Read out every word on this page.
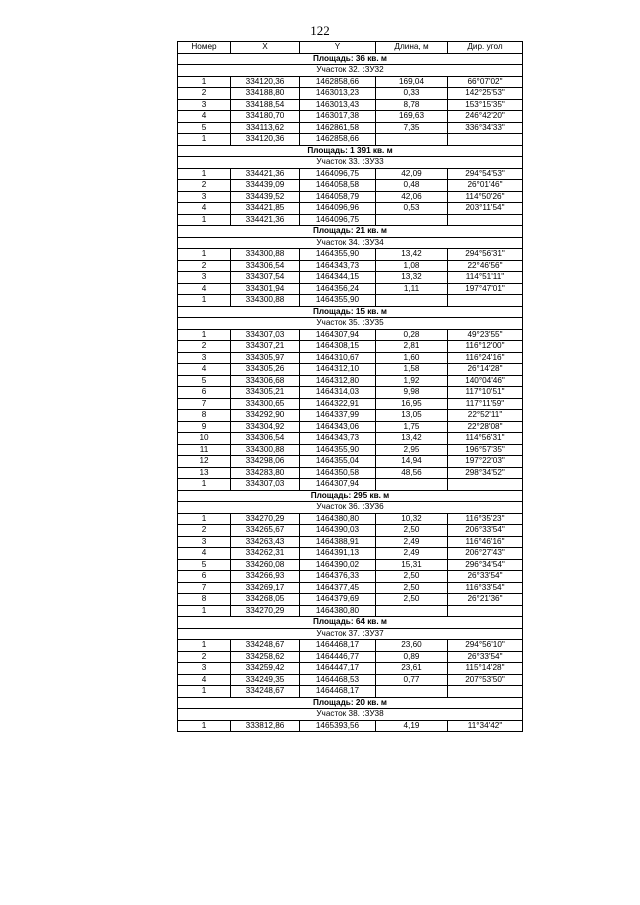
122
Номер	X	Y	Длина, м	Дир. угол
Площадь: 36 кв. м				
Участок 32. :ЗУ32				
1	334120,36	1462858,66	169,04	66°07'02"
2	334188,80	1463013,23	0,33	142°25'53"
3	334188,54	1463013,43	8,78	153°15'35"
4	334180,70	1463017,38	169,63	246°42'20"
5	334113,62	1462861,58	7,35	336°34'33"
1	334120,36	1462858,66		
Площадь: 1 391 кв. м				
Участок 33. :ЗУ33				
1	334421,36	1464096,75	42,09	294°54'53"
2	334439,09	1464058,58	0,48	26°01'46"
3	334439,52	1464058,79	42,06	114°50'26"
4	334421,85	1464096,96	0,53	203°11'54"
1	334421,36	1464096,75		
Площадь: 21 кв. м				
Участок 34. :ЗУ34				
1	334300,88	1464355,90	13,42	294°56'31"
2	334306,54	1464343,73	1,08	22°46'56"
3	334307,54	1464344,15	13,32	114°51'11"
4	334301,94	1464356,24	1,11	197°47'01"
1	334300,88	1464355,90		
Площадь: 15 кв. м				
Участок 35. :ЗУ35				
1	334307,03	1464307,94	0,28	49°23'55"
2	334307,21	1464308,15	2,81	116°12'00"
3	334305,97	1464310,67	1,60	116°24'16"
4	334305,26	1464312,10	1,58	26°14'28"
5	334306,68	1464312,80	1,92	140°04'46"
6	334305,21	1464314,03	9,98	117°10'51"
7	334300,65	1464322,91	16,95	117°11'59"
8	334292,90	1464337,99	13,05	22°52'11"
9	334304,92	1464343,06	1,75	22°28'08"
10	334306,54	1464343,73	13,42	114°56'31"
11	334300,88	1464355,90	2,95	196°57'35"
12	334298,06	1464355,04	14,94	197°22'03"
13	334283,80	1464350,58	48,56	298°34'52"
1	334307,03	1464307,94		
Площадь: 295 кв. м				
Участок 36. :ЗУ36				
1	334270,29	1464380,80	10,32	116°35'23"
2	334265,67	1464390,03	2,50	206°33'54"
3	334263,43	1464388,91	2,49	116°46'16"
4	334262,31	1464391,13	2,49	206°27'43"
5	334260,08	1464390,02	15,31	296°34'54"
6	334266,93	1464376,33	2,50	26°33'54"
7	334269,17	1464377,45	2,50	116°33'54"
8	334268,05	1464379,69	2,50	26°21'36"
1	334270,29	1464380,80		
Площадь: 64 кв. м				
Участок 37. :ЗУ37				
1	334248,67	1464468,17	23,60	294°56'10"
2	334258,62	1464446,77	0,89	26°33'54"
3	334259,42	1464447,17	23,61	115°14'28"
4	334249,35	1464468,53	0,77	207°53'50"
1	334248,67	1464468,17		
Площадь: 20 кв. м				
Участок 38. :ЗУ38				
1	333812,86	1465393,56	4,19	11°34'42"
